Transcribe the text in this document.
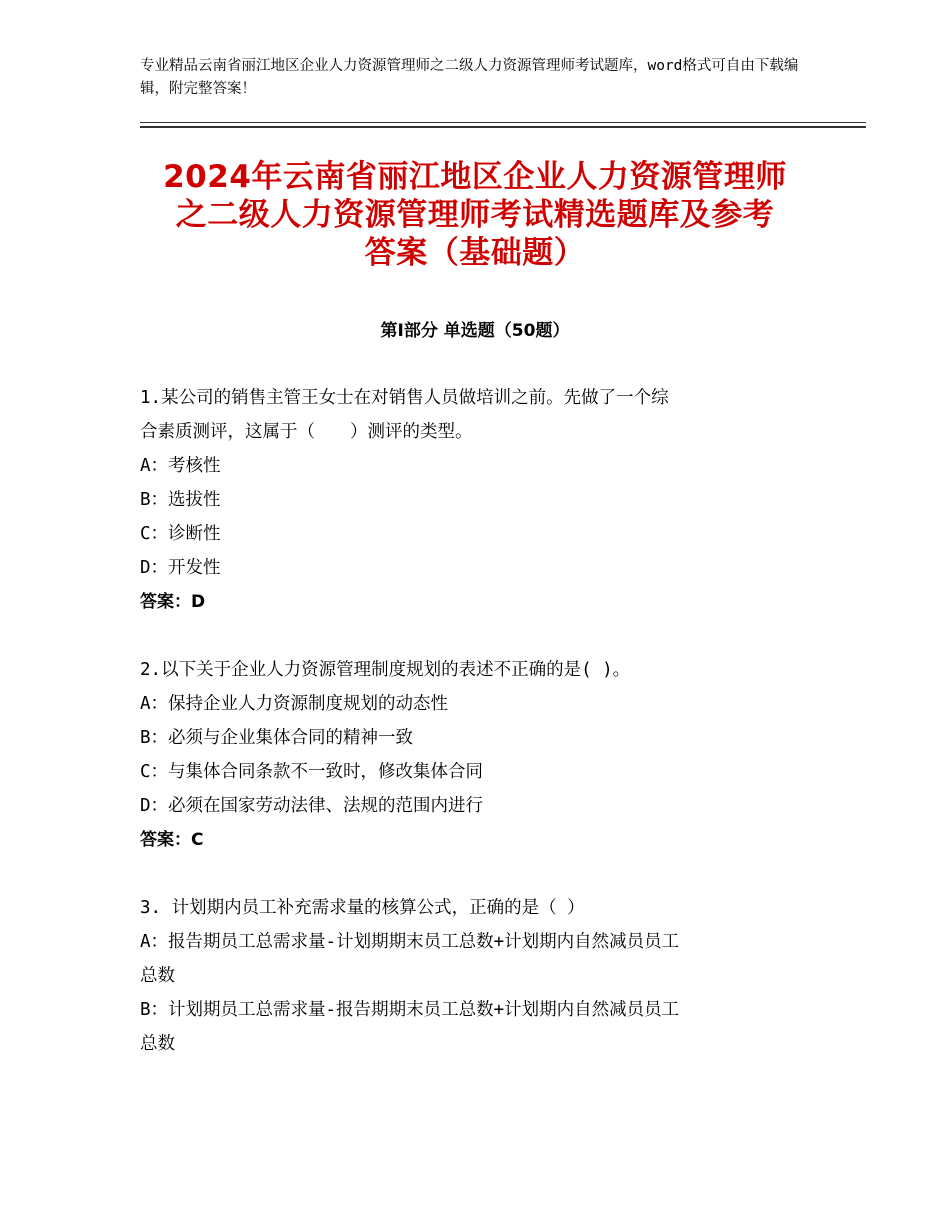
专业精品云南省丽江地区企业人力资源管理师之二级人力资源管理师考试题库，word格式可自由下载编辑，附完整答案！
2024年云南省丽江地区企业人力资源管理师
之二级人力资源管理师考试精选题库及参考
答案（基础题）
第Ⅰ部分 单选题（50题）
1.某公司的销售主管王女士在对销售人员做培训之前。先做了一个综
合素质测评，这属于（　　）测评的类型。
A：考核性
B：选拔性
C：诊断性
D：开发性
答案：D
2.以下关于企业人力资源管理制度规划的表述不正确的是( )。
A：保持企业人力资源制度规划的动态性
B：必须与企业集体合同的精神一致
C：与集体合同条款不一致时，修改集体合同
D：必须在国家劳动法律、法规的范围内进行
答案：C
3. 计划期内员工补充需求量的核算公式，正确的是（ ）
A：报告期员工总需求量-计划期期末员工总数+计划期内自然减员员工
总数
B：计划期员工总需求量-报告期期末员工总数+计划期内自然减员员工
总数
